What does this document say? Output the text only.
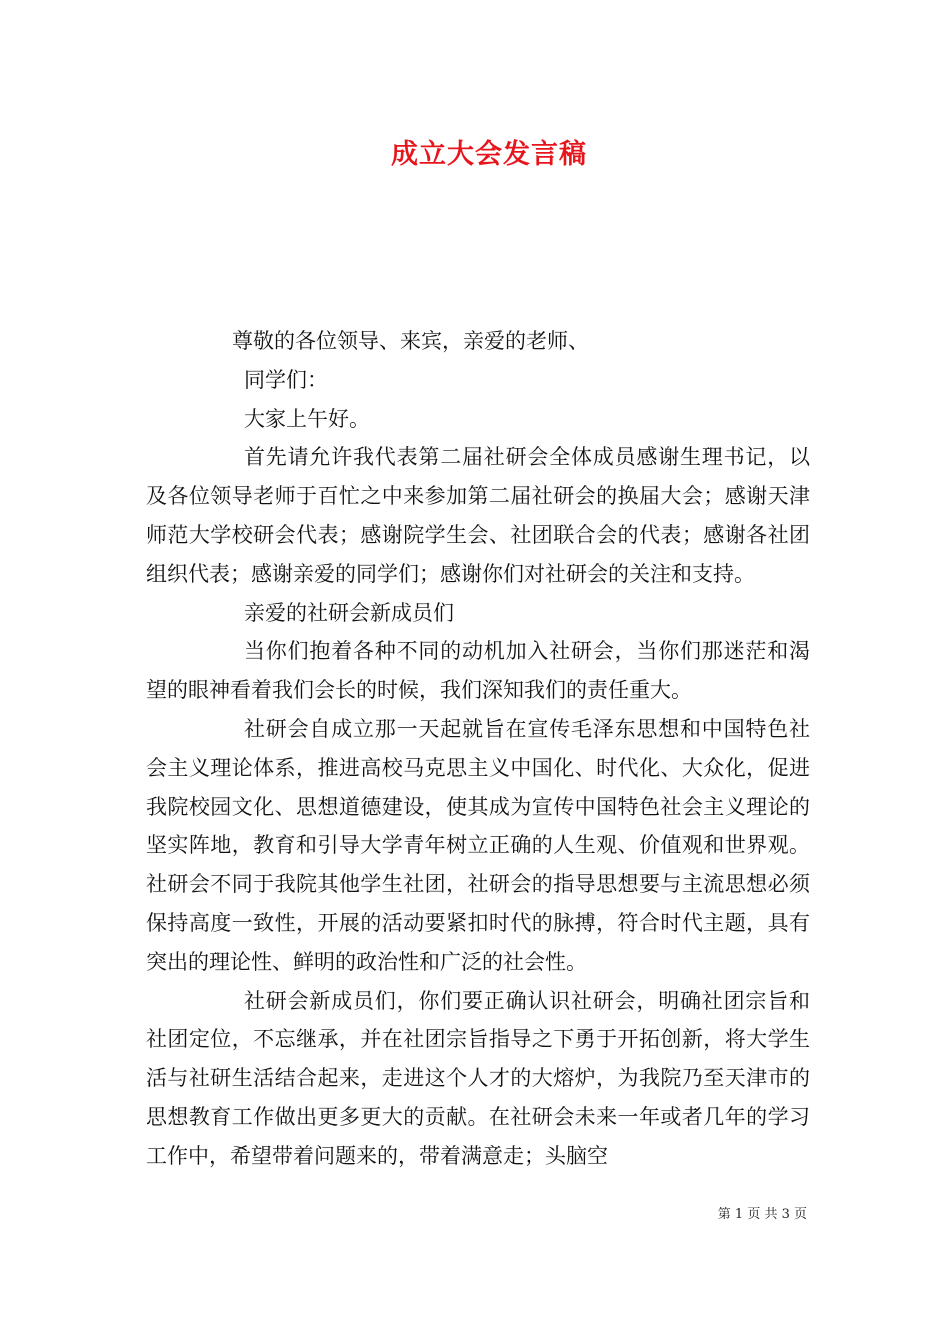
成立大会发言稿

尊敬的各位领导、来宾，亲爱的老师、

同学们：

大家上午好。

首先请允许我代表第二届社研会全体成员感谢生理书记，以及各位领导老师于百忙之中来参加第二届社研会的换届大会；感谢天津师范大学校研会代表；感谢院学生会、社团联合会的代表；感谢各社团组织代表；感谢亲爱的同学们；感谢你们对社研会的关注和支持。

亲爱的社研会新成员们

当你们抱着各种不同的动机加入社研会，当你们那迷茫和渴望的眼神看着我们会长的时候，我们深知我们的责任重大。

社研会自成立那一天起就旨在宣传毛泽东思想和中国特色社会主义理论体系，推进高校马克思主义中国化、时代化、大众化，促进我院校园文化、思想道德建设，使其成为宣传中国特色社会主义理论的坚实阵地，教育和引导大学青年树立正确的人生观、价值观和世界观。社研会不同于我院其他学生社团，社研会的指导思想要与主流思想必须保持高度一致性，开展的活动要紧扣时代的脉搏，符合时代主题，具有突出的理论性、鲜明的政治性和广泛的社会性。

社研会新成员们，你们要正确认识社研会，明确社团宗旨和社团定位，不忘继承，并在社团宗旨指导之下勇于开拓创新，将大学生活与社研生活结合起来，走进这个人才的大熔炉，为我院乃至天津市的思想教育工作做出更多更大的贡献。在社研会未来一年或者几年的学习工作中，希望带着问题来的，带着满意走；头脑空

第 1 页 共 3 页
